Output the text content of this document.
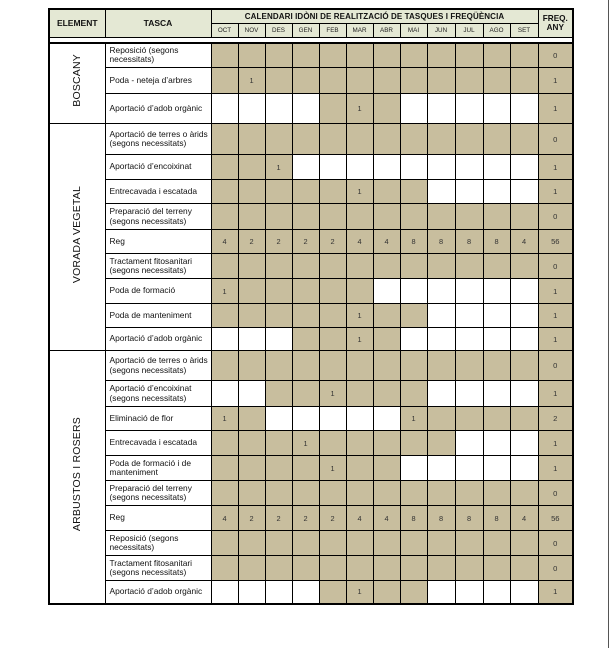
ELEMENT	TASCA	CALENDARI IDÒNI DE REALITZACIÓ DE TASQUES I FREQÜÈNCIA												FREQ.
ANY

		OCT	NOV	DES	GEN	FEB	MAR	ABR	MAI	JUN	JUL	AGO	SET	

BOSCANY	Reposició (segons necessitats)													0
	Poda - neteja d’arbres		1											1
	Aportació d’adob orgànic						1							1
VORADA VEGETAL	Aportació de terres o àrids (segons necessitats)													0
	Aportació d’encoixinat			1										1
	Entrecavada i escatada						1							1
	Preparació del terreny (segons necessitats)													0
	Reg	4	2	2	2	2	4	4	8	8	8	8	4	56
	Tractament fitosanitari (segons necessitats)													0
	Poda de formació	1												1
	Poda de manteniment						1							1
	Aportació d’adob orgànic						1							1
ARBUSTOS I ROSERS	Aportació de terres o àrids (segons necessitats)													0
	Aportació d’encoixinat (segons necessitats)					1								1
	Eliminació de flor	1							1					2
	Entrecavada i escatada				1									1
	Poda de formació i de manteniment					1								1
	Preparació del terreny (segons necessitats)													0
	Reg	4	2	2	2	2	4	4	8	8	8	8	4	56
	Reposició (segons necessitats)													0
	Tractament fitosanitari (segons necessitats)													0
	Aportació d’adob orgànic						1							1
